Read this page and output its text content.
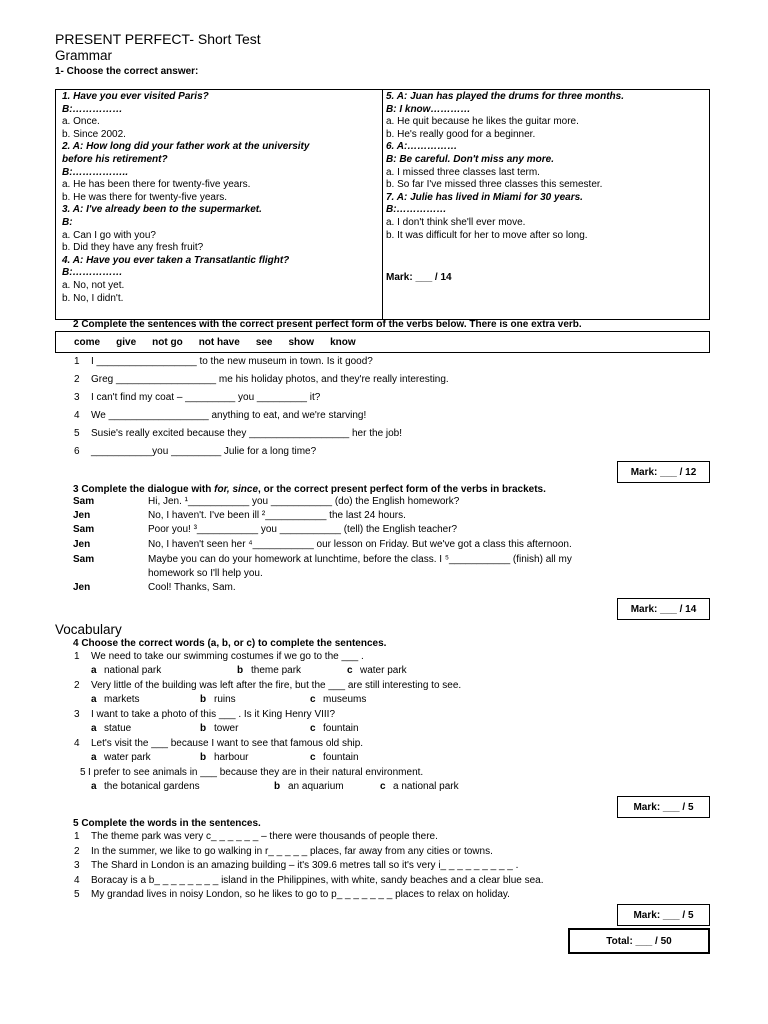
PRESENT PERFECT- Short Test
Grammar
1- Choose the correct answer:
1. Have you ever visited Paris?
B:……………
a. Once.
b. Since 2002.
2. A: How long did your father work at the university
before his retirement?
B:……………..
a. He has been there for twenty-five years.
b. He was there for twenty-five years.
3. A: I've already been to the supermarket.
B:
a. Can I go with you?
b. Did they have any fresh fruit?
4. A: Have you ever taken a Transatlantic flight?
B:……………
a. No, not yet.
b. No, I didn't.
5. A: Juan has played the drums for three months.
B: I know…………
a. He quit because he likes the guitar more.
b. He's really good for a beginner.
6. A:……………
B: Be careful. Don't miss any more.
a. I missed three classes last term.
b. So far I've missed three classes this semester.
7. A: Julie has lived in Miami for 30 years.
B:……………
a. I don't think she'll ever move.
b. It was difficult for her to move after so long.
Mark: ___ / 14
2 Complete the sentences with the correct present perfect form of the verbs below. There is one extra verb.
come give not go not have see show know
1 I __________________ to the new museum in town. Is it good?
2 Greg __________________ me his holiday photos, and they're really interesting.
3 I can't find my coat – _________ you _________ it?
4 We __________________ anything to eat, and we're starving!
5 Susie's really excited because they __________________ her the job!
6 ___________you _________ Julie for a long time?
Mark: ___ / 12
3 Complete the dialogue with for, since, or the correct present perfect form of the verbs in brackets.
Sam	Hi, Jen. ¹___________ you ___________ (do) the English homework?
Jen	No, I haven't. I've been ill ²___________ the last 24 hours.
Sam	Poor you! ³___________ you ___________ (tell) the English teacher?
Jen	No, I haven't seen her ⁴___________ our lesson on Friday. But we've got a class this afternoon.
Sam	Maybe you can do your homework at lunchtime, before the class. I ⁵___________ (finish) all my
homework so I'll help you.
Jen	Cool! Thanks, Sam.
Mark: ___ / 14
Vocabulary
4 Choose the correct words (a, b, or c) to complete the sentences.
1 We need to take our swimming costumes if we go to the ___ .
a national park	b theme park	c water park
2 Very little of the building was left after the fire, but the ___ are still interesting to see.
a markets	b ruins	c museums
3 I want to take a photo of this ___ . Is it King Henry VIII?
a statue	b tower	c fountain
4 Let's visit the ___ because I want to see that famous old ship.
a water park	b harbour	c fountain
5 I prefer to see animals in ___ because they are in their natural environment.
a the botanical gardens	b an aquarium	c a national park
Mark: ___ / 5
5 Complete the words in the sentences.
1 The theme park was very c_ _ _ _ _ _ – there were thousands of people there.
2 In the summer, we like to go walking in r_ _ _ _ _ places, far away from any cities or towns.
3 The Shard in London is an amazing building – it's 309.6 metres tall so it's very i_ _ _ _ _ _ _ _ _ .
4 Boracay is a b_ _ _ _ _ _ _ _ island in the Philippines, with white, sandy beaches and a clear blue sea.
5 My grandad lives in noisy London, so he likes to go to p_ _ _ _ _ _ _ places to relax on holiday.
Mark: ___ / 5
Total: ___ / 50
